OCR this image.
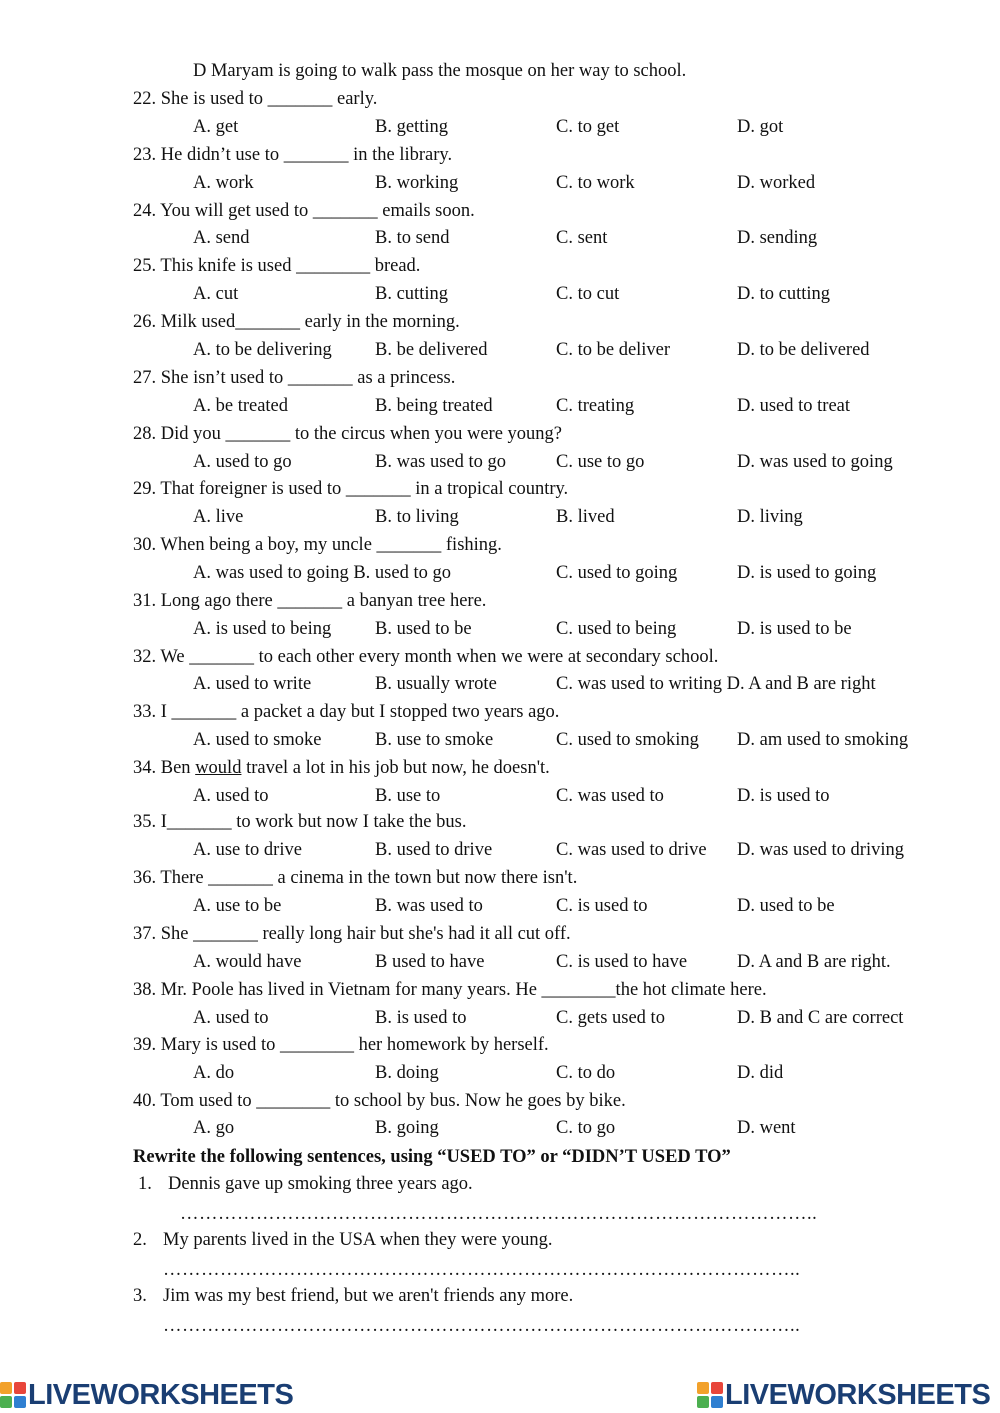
D Maryam is going to walk pass the mosque on her way to school.
22. She is used to _______ early.
A. get	B. getting	C. to get	D. got
23. He didn’t use to _______ in the library.
A. work	B. working	C. to work	D. worked
24. You will get used to _______ emails soon.
A. send	B. to send	C. sent	D. sending
25. This knife is used ________ bread.
A. cut	B. cutting	C. to cut	D. to cutting
26. Milk used_______ early in the morning.
A. to be delivering B. be delivered	C. to be deliver	D. to be delivered
27. She isn’t used to _______ as a princess.
A. be treated	B. being treated	C. treating	D. used to treat
28. Did you _______ to the circus when you were young?
A. used to go	B. was used to go	C. use to go	D. was used to going
29. That foreigner is used to _______ in a tropical country.
A. live	B. to living	B. lived	D. living
30. When being a boy, my uncle _______ fishing.
A. was used to going B. used to go	C. used to going	D. is used to going
31. Long ago there _______ a banyan tree here.
A. is used to being B. used to be	C. used to being	D. is used to be
32. We _______ to each other every month when we were at secondary school.
A. used to write	B. usually wrote	C. was used to writing D. A and B are right
33. I _______ a packet a day but I stopped two years ago.
A. used to smoke	B. use to smoke	C. used to smoking D. am used to smoking
34. Ben would travel a lot in his job but now, he doesn't.
A. used to	B. use to	C. was used to	D. is used to
35. I_______ to work but now I take the bus.
A. use to drive	B. used to drive	C. was used to drive D. was used to driving
36. There _______ a cinema in the town but now there isn't.
A. use to be	B. was used to	C. is used to	D. used to be
37. She _______ really long hair but she's had it all cut off.
A. would have	B used to have	C. is used to have	D. A and B are right.
38. Mr. Poole has lived in Vietnam for many years. He ________the hot climate here.
A. used to	B. is used to	C. gets used to	D. B and C are correct
39. Mary is used to ________ her homework by herself.
A. do	B. doing	C. to do	D. did
40. Tom used to ________ to school by bus. Now he goes by bike.
A. go	B. going	C. to go	D. went
Rewrite the following sentences, using “USED TO” or “DIDN’T USED TO”
1. Dennis gave up smoking three years ago.
………………………………………………………………………………………..
2. My parents lived in the USA when they were young.
………………………………………………………………………………………..
3. Jim was my best friend, but we aren't friends any more.
………………………………………………………………………………………..
LIVEWORKSHEETS	LIVEWORKSHEETS
